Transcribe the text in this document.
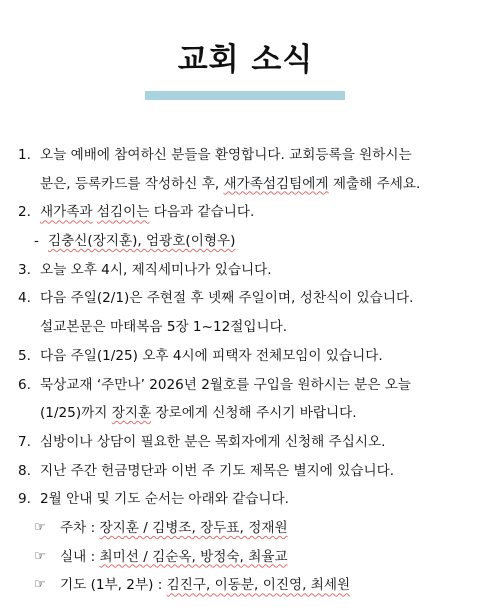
교회 소식
1. 오늘 예배에 참여하신 분들을 환영합니다. 교회등록을 원하시는
분은, 등록카드를 작성하신 후, 새가족섬김팀에게 제출해 주세요.
2. 새가족과 섬김이는 다음과 같습니다.
- 김충신(장지훈), 엄광호(이형우)
3. 오늘 오후 4시, 제직세미나가 있습니다.
4. 다음 주일(2/1)은 주현절 후 넷째 주일이며, 성찬식이 있습니다.
설교본문은 마태복음 5장 1~12절입니다.
5. 다음 주일(1/25) 오후 4시에 피택자 전체모임이 있습니다.
6. 묵상교재 ‘주만나’ 2026년 2월호를 구입을 원하시는 분은 오늘
(1/25)까지 장지훈 장로에게 신청해 주시기 바랍니다.
7. 심방이나 상담이 필요한 분은 목회자에게 신청해 주십시오.
8. 지난 주간 헌금명단과 이번 주 기도 제목은 별지에 있습니다.
9. 2월 안내 및 기도 순서는 아래와 같습니다.
☞ 주차 : 장지훈 / 김병조, 장두표, 정재원
☞ 실내 : 최미선 / 김순옥, 방정숙, 최율교
☞ 기도 (1부, 2부) : 김진구, 이동분, 이진영, 최세원
